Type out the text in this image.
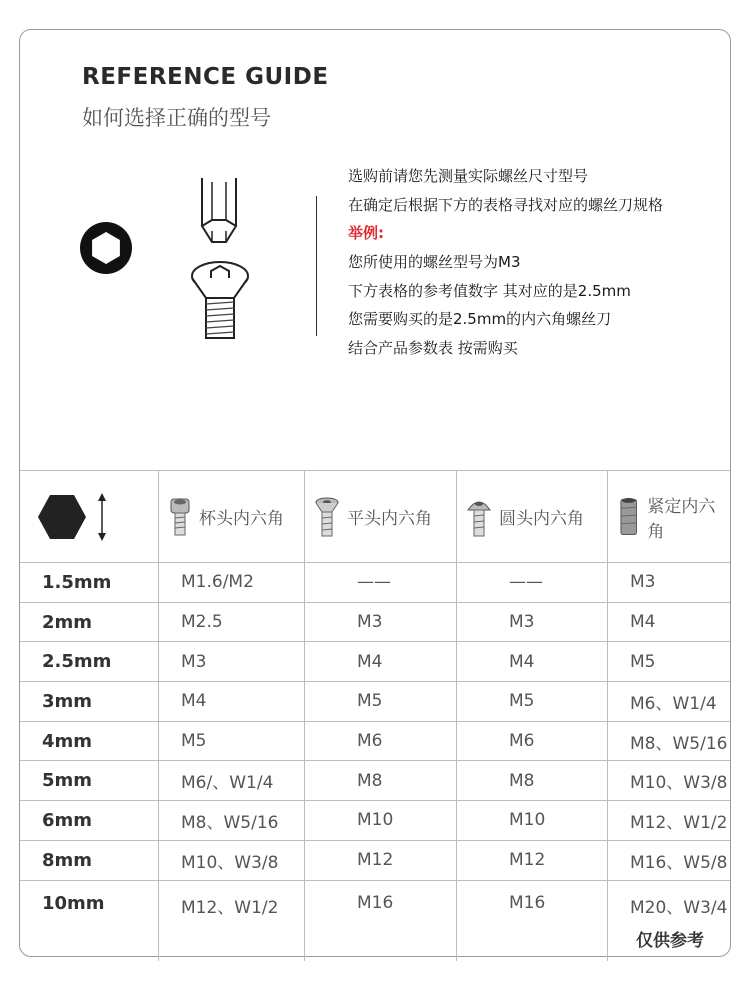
REFERENCE GUIDE
如何选择正确的型号
选购前请您先测量实际螺丝尺寸型号
在确定后根据下方的表格寻找对应的螺丝刀规格
举例:
您所使用的螺丝型号为M3
下方表格的参考值数字 其对应的是2.5mm
您需要购买的是2.5mm的内六角螺丝刀
结合产品参数表 按需购买

杯头内六角	平头内六角	圆头内六角	紧定内六角

1.5mm	M1.6/M2	——	——	M3
2mm	M2.5	M3	M3	M4
2.5mm	M3	M4	M4	M5
3mm	M4	M5	M5	M6、W1/4
4mm	M5	M6	M6	M8、W5/16
5mm	M6/、W1/4	M8	M8	M10、W3/8
6mm	M8、W5/16	M10	M10	M12、W1/2
8mm	M10、W3/8	M12	M12	M16、W5/8
10mm	M12、W1/2	M16	M16	M20、W3/4
仅供参考
